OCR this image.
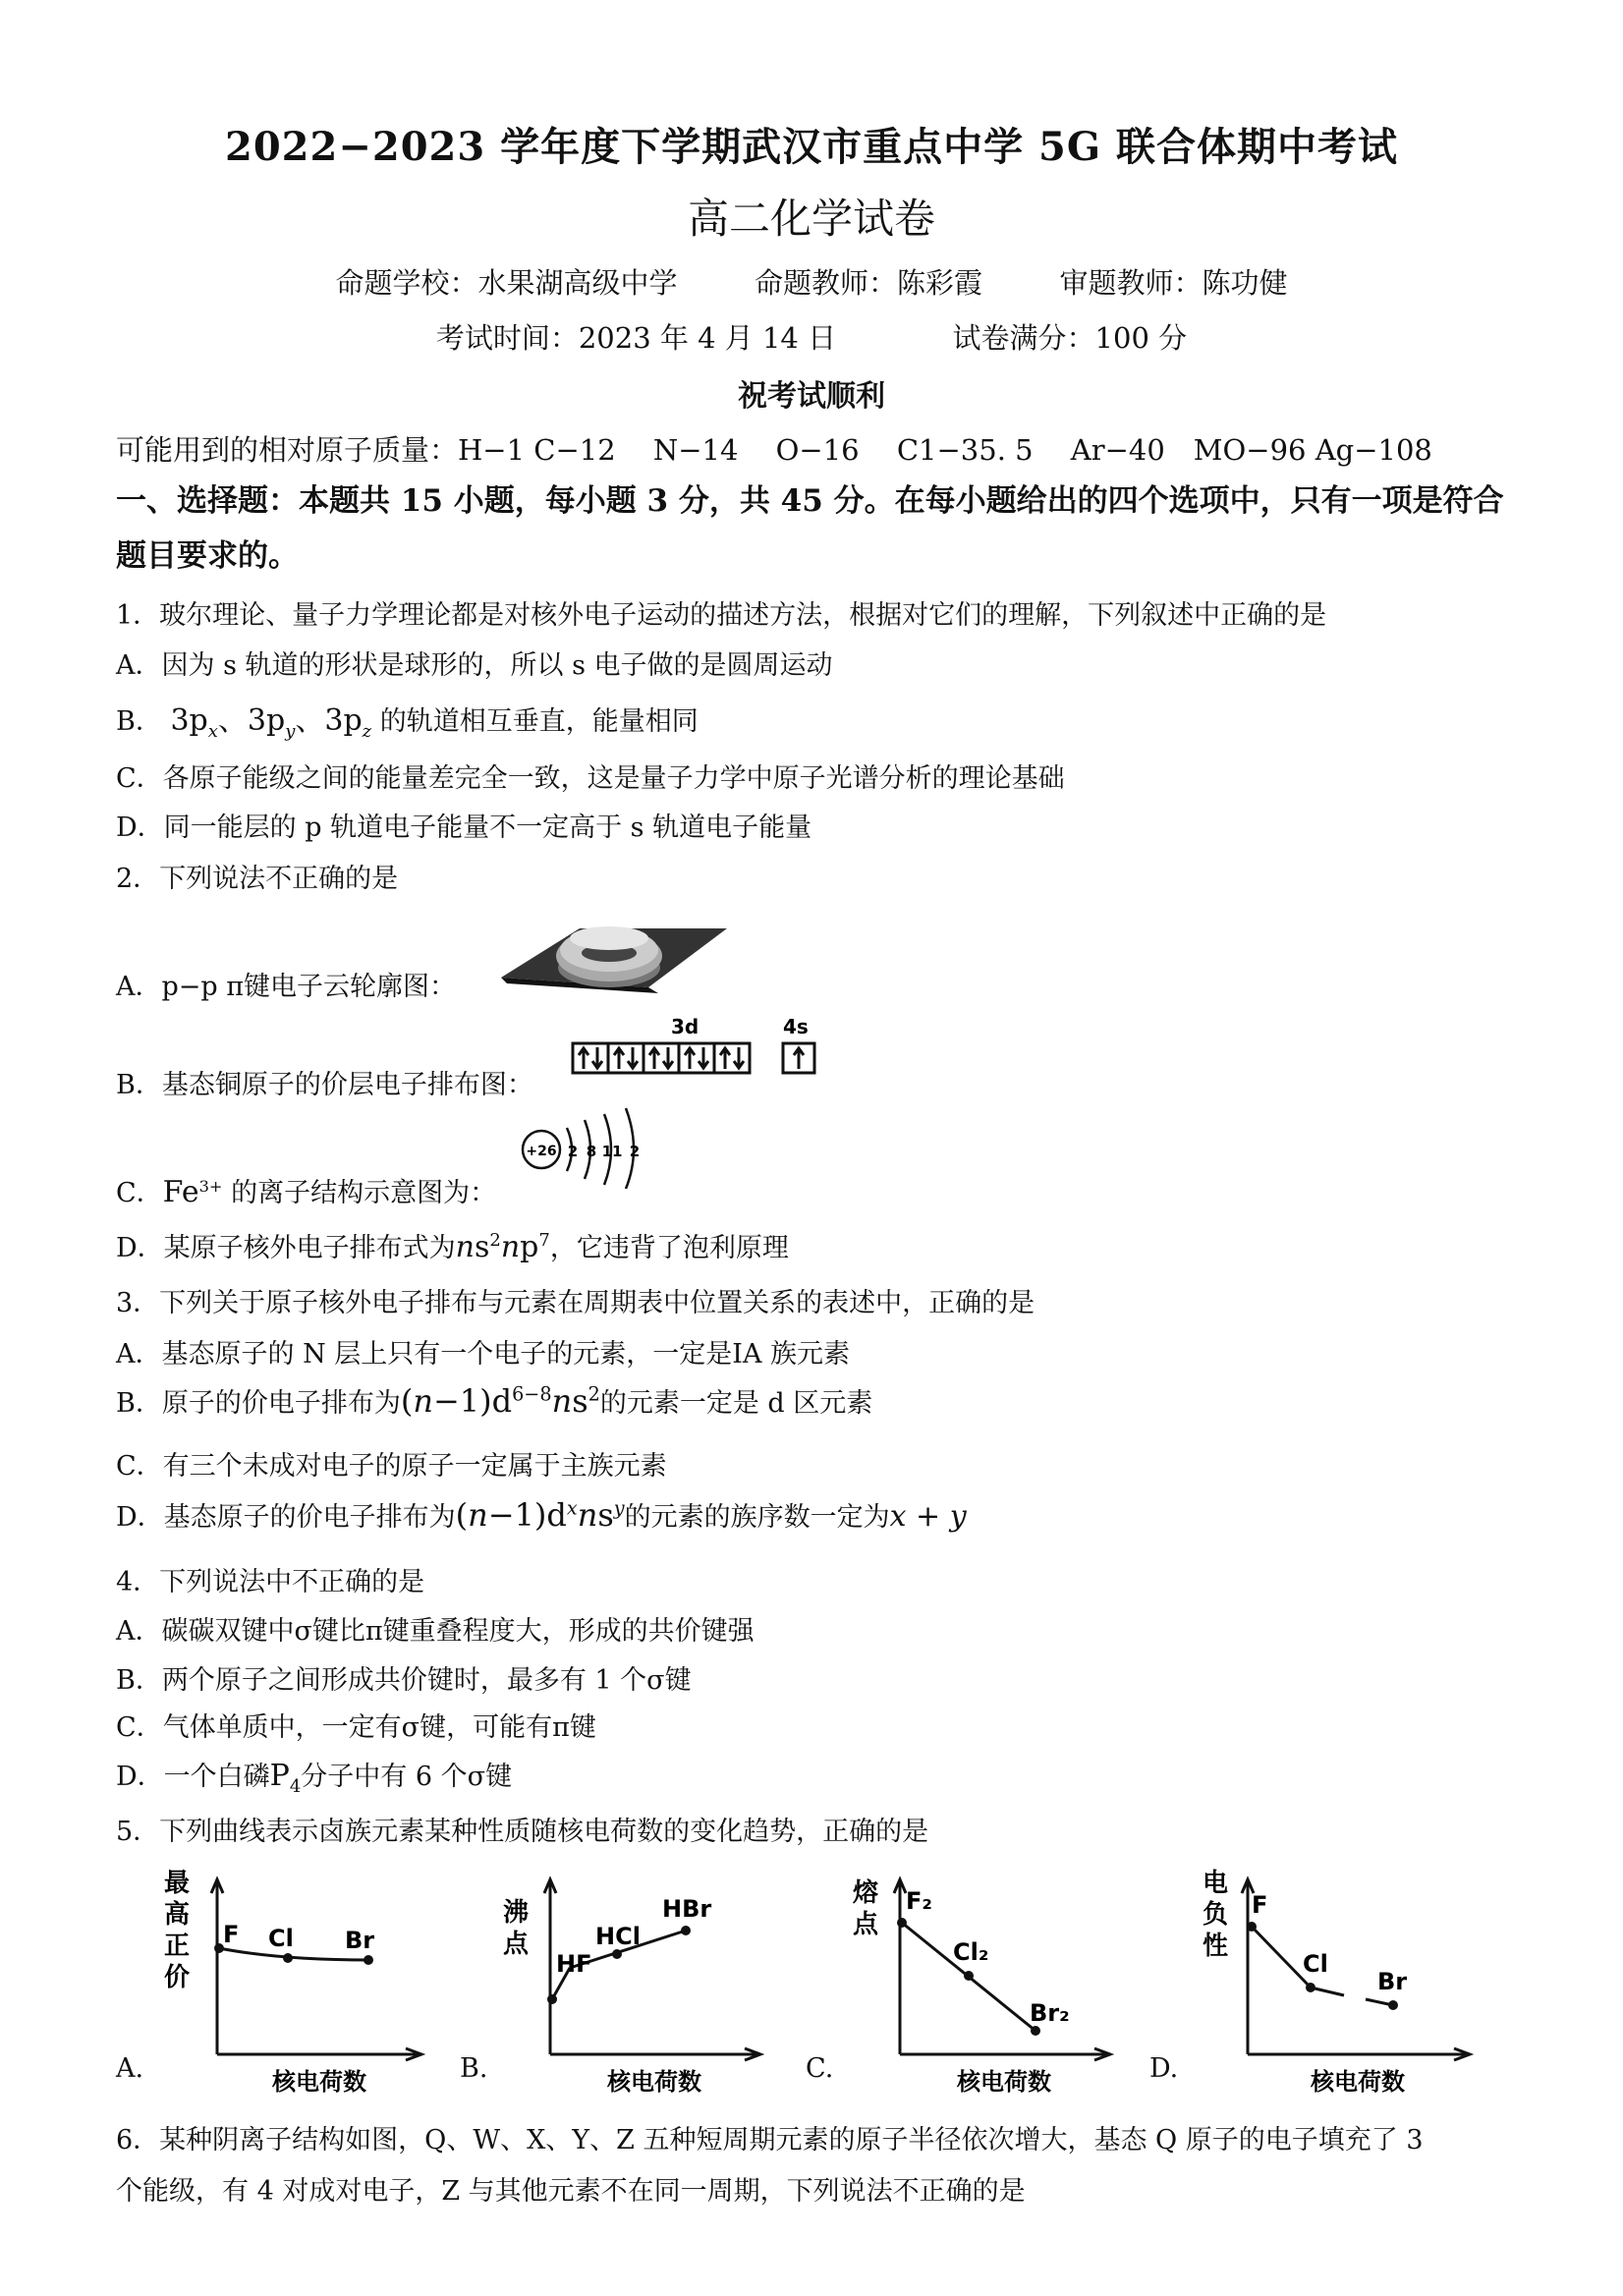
2022−2023 学年度下学期武汉市重点中学 5G 联合体期中考试
高二化学试卷
命题学校：水果湖高级中学	命题教师：陈彩霞	审题教师：陈功健
考试时间：2023 年 4 月 14 日	试卷满分：100 分
祝考试顺利
可能用到的相对原子质量：H−1 C−12　 N−14　 O−16　 C1−35. 5　 Ar−40　MO−96 Ag−108
一、选择题：本题共 15 小题，每小题 3 分，共 45 分。在每小题给出的四个选项中，只有一项是符合题目要求的。
1．玻尔理论、量子力学理论都是对核外电子运动的描述方法，根据对它们的理解，下列叙述中正确的是
A．因为 s 轨道的形状是球形的，所以 s 电子做的是圆周运动
B． $3p_x$、$3p_y$、$3p_z$ 的轨道相互垂直，能量相同
C．各原子能级之间的能量差完全一致，这是量子力学中原子光谱分析的理论基础
D．同一能层的 p 轨道电子能量不一定高于 s 轨道电子能量
2．下列说法不正确的是
A．p−p π键电子云轮廓图：
B．基态铜原子的价层电子排布图：
3d	4s
C．$Fe^{3+}$ 的离子结构示意图为：
+26 2 8 11 2
D．某原子核外电子排布式为$ns^2np^7$，它违背了泡利原理
3．下列关于原子核外电子排布与元素在周期表中位置关系的表述中，正确的是
A．基态原子的 N 层上只有一个电子的元素，一定是ⅠA 族元素
B．原子的价电子排布为$(n-1)d^{6-8}ns^2$的元素一定是 d 区元素
C．有三个未成对电子的原子一定属于主族元素
D．基态原子的价电子排布为$(n-1)d^xns^y$的元素的族序数一定为x + y
4．下列说法中不正确的是
A．碳碳双键中σ键比π键重叠程度大，形成的共价键强
B．两个原子之间形成共价键时，最多有 1 个σ键
C．气体单质中，一定有σ键，可能有π键
D．一个白磷$P_4$分子中有 6 个σ键
5．下列曲线表示卤族元素某种性质随核电荷数的变化趋势，正确的是
A.
最
高
正
价
F Cl Br
核电荷数	B.
沸
点
HF
HCl
HBr
核电荷数	C.
熔
点
F₂
Cl₂
Br₂
核电荷数	D.
电
负
性
F
Cl
Br
核电荷数
6．某种阴离子结构如图，Q、W、X、Y、Z 五种短周期元素的原子半径依次增大，基态 Q 原子的电子填充了 3
个能级，有 4 对成对电子，Z 与其他元素不在同一周期，下列说法不正确的是
